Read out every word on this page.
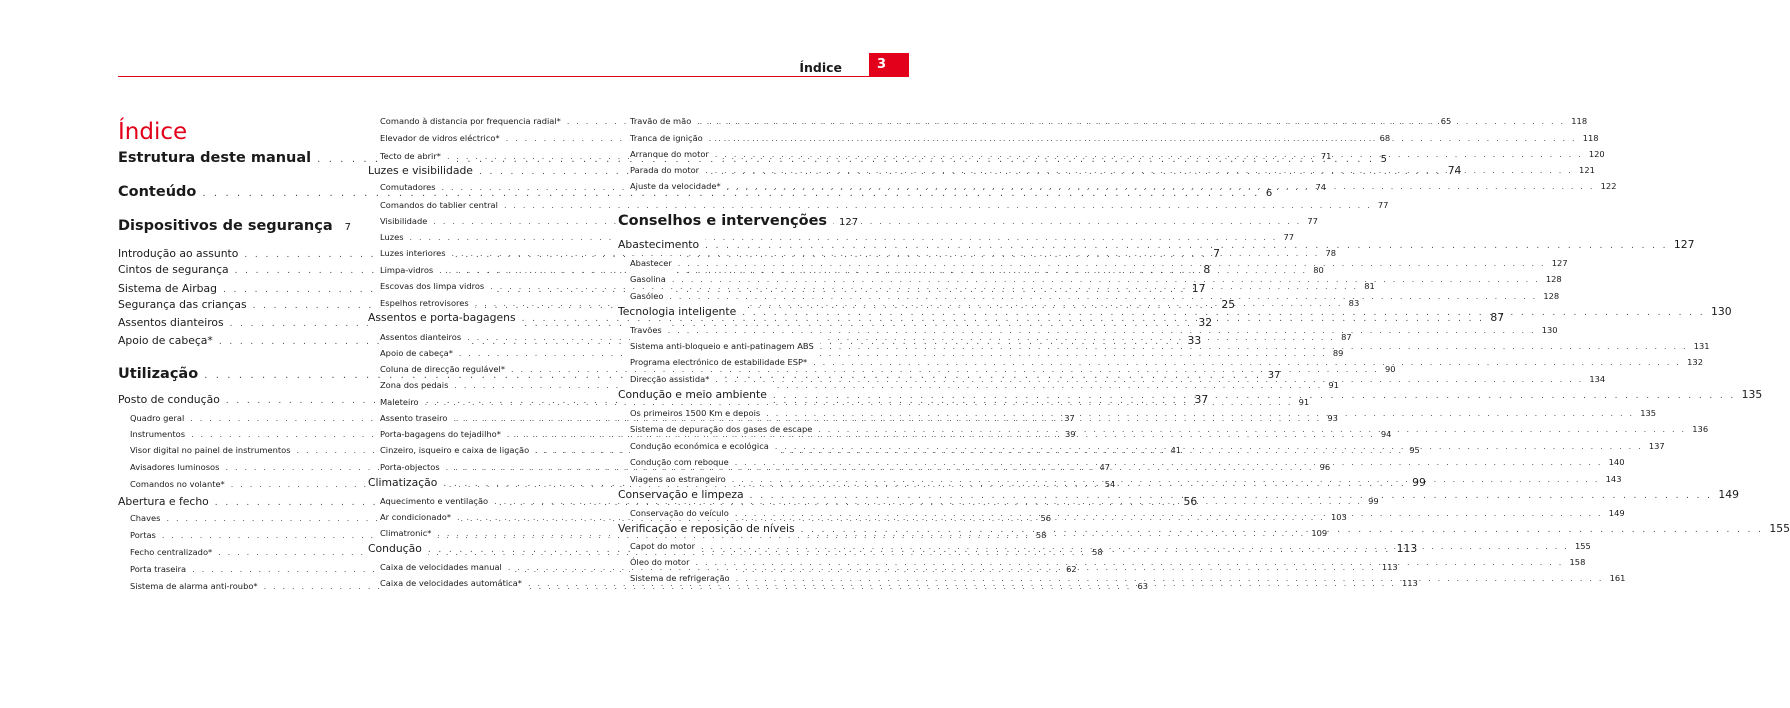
Índice	3
Índice
Estrutura deste manual . . .	5
Conteúdo . . .	6
Dispositivos de segurança	7
Introdução ao assunto . . .	7
Cintos de segurança . . .	8
Sistema de Airbag . . .	17
Segurança das crianças . . .	25
Assentos dianteiros . . .	32
Apoio de cabeça* . . .	33
Utilização . . .	37
Posto de condução . . .	37
Quadro geral . . .	37
Instrumentos . . .	39
Visor digital no painel de instrumentos . . .	41
Avisadores luminosos . . .	47
Comandos no volante* . . .	54
Abertura e fecho . . .	56
Chaves . . .	56
Portas . . .	58
Fecho centralizado* . . .	58
Porta traseira . . .	62
Sistema de alarma anti-roubo* . . .	63
Comando à distancia por frequencia radial* . . .	65
Elevador de vidros eléctrico* . . .	68
Tecto de abrir* . . .	71
Luzes e visibilidade . . .	74
Comutadores . . .	74
Comandos do tablier central . . .	77
Visibilidade . . .	77
Luzes . . .	77
Luzes interiores . . .	78
Limpa-vidros . . .	80
Escovas dos limpa vidros . . .	81
Espelhos retrovisores . . .	83
Assentos e porta-bagagens . . .	87
Assentos dianteiros . . .	87
Apoio de cabeça* . . .	89
Coluna de direcção regulável* . . .	90
Zona dos pedais . . .	91
Maleteiro . . .	91
Assento traseiro . . .	93
Porta-bagagens do tejadilho* . . .	94
Cinzeiro, isqueiro e caixa de ligação . . .	95
Porta-objectos . . .	96
Climatização . . .	99
Aquecimento e ventilação . . .	99
Ar condicionado* . . .	103
Climatronic* . . .	109
Condução . . .	113
Caixa de velocidades manual . . .	113
Caixa de velocidades automática* . . .	113
Travão de mão . . .	118
Tranca de ignição . . .	118
Arranque do motor . . .	120
Parada do motor . . .	121
Ajuste da velocidade* . . .	122
Conselhos e intervenções	127
Abastecimento . . .	127
Abastecer . . .	127
Gasolina . . .	128
Gasóleo . . .	128
Tecnologia inteligente . . .	130
Travões . . .	130
Sistema anti-bloqueio e anti-patinagem ABS . . .	131
Programa electrónico de estabilidade ESP* . . .	132
Direcção assistida* . . .	134
Condução e meio ambiente . . .	135
Os primeiros 1500 Km e depois . . .	135
Sistema de depuração dos gases de escape . . .	136
Condução económica e ecológica . . .	137
Condução com reboque . . .	140
Viagens ao estrangeiro . . .	143
Conservação e limpeza . . .	149
Conservação do veículo . . .	149
Verificação e reposição de níveis . . .	155
Capot do motor . . .	155
Óleo do motor . . .	158
Sistema de refrigeração . . .	161
